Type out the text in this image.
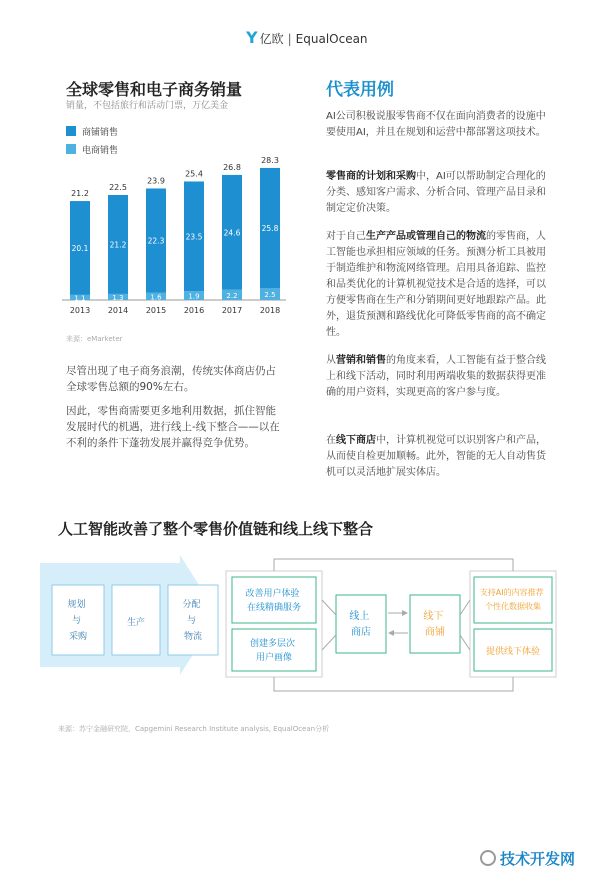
Y 亿欧 | EqualOcean
全球零售和电子商务销量
销量，不包括旅行和活动门票，万亿美金
商铺销售
电商销售
1.1
20.1
21.2
2013
1.3
21.2
22.5
2014
1.6
22.3
23.9
2015
1.9
23.5
25.4
2016
2.2
24.6
26.8
2017
2.5
25.8
28.3
2018
来源：eMarketer
尽管出现了电子商务浪潮，传统实体商店仍占全球零售总额的90%左右。
因此，零售商需要更多地利用数据，抓住智能发展时代的机遇，进行线上-线下整合——以在不利的条件下蓬勃发展并赢得竞争优势。
代表用例
AI公司积极说服零售商不仅在面向消费者的设施中要使用AI，并且在规划和运营中都部署这项技术。
零售商的计划和采购中，AI可以帮助制定合理化的分类、感知客户需求、分析合同、管理产品目录和制定定价决策。
对于自己生产产品或管理自己的物流的零售商，人工智能也承担相应领域的任务。预测分析工具被用于制造维护和物流网络管理。启用具备追踪、监控和品类优化的计算机视觉技术是合适的选择，可以方便零售商在生产和分销期间更好地跟踪产品。此外，退货预测和路线优化可降低零售商的高不确定性。
从营销和销售的角度来看，人工智能有益于整合线上和线下活动，同时利用两端收集的数据获得更准确的用户资料，实现更高的客户参与度。
在线下商店中，计算机视觉可以识别客户和产品，从而使自检更加顺畅。此外，智能的无人自动售货机可以灵活地扩展实体店。
人工智能改善了整个零售价值链和线上线下整合
规划 与 采购
生产
分配 与 物流
改善用户体验 在线精确服务
创建多层次 用户画像
线上 商店
线下 商铺
支持AI的内容推荐 个性化数据收集
提供线下体验
来源：苏宁金融研究院，Capgemini Research Institute analysis, EqualOcean分析
技术开发网
